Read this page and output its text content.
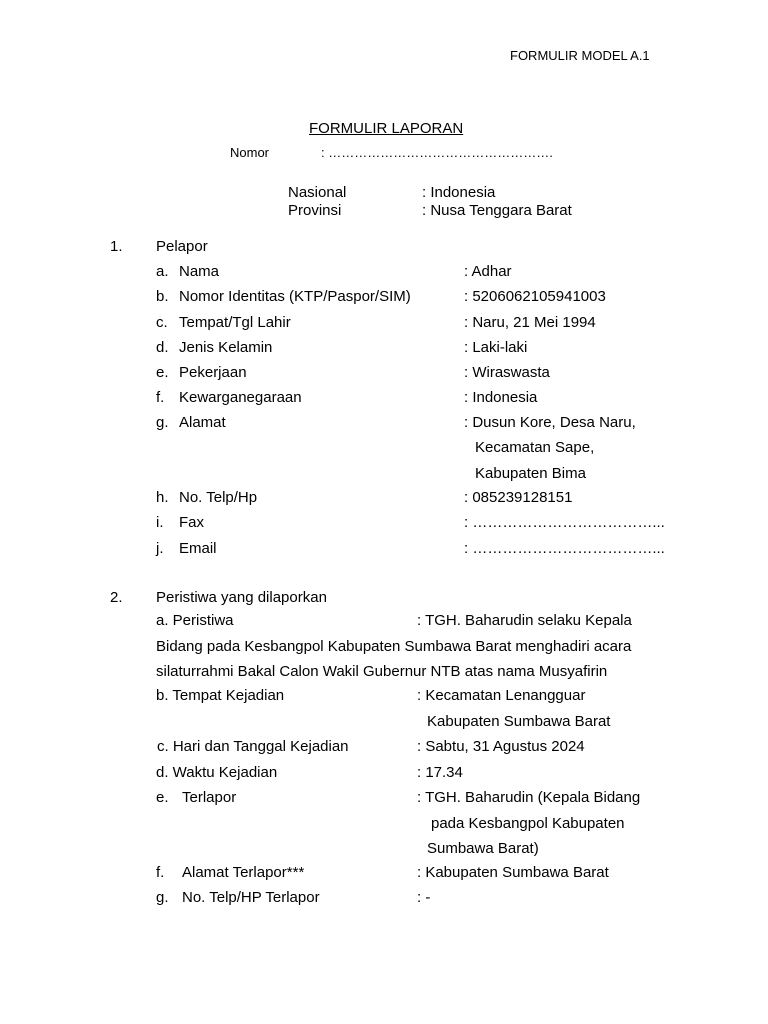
FORMULIR MODEL A.1
FORMULIR LAPORAN
Nomor	: …………………………………………….
Nasional	: Indonesia
Provinsi	: Nusa Tenggara Barat
1. Pelapor
a. Nama	: Adhar
b. Nomor Identitas (KTP/Paspor/SIM)	: 5206062105941003
c. Tempat/Tgl Lahir	: Naru, 21 Mei 1994
d. Jenis Kelamin	: Laki-laki
e. Pekerjaan	: Wiraswasta
f. Kewarganegaraan	: Indonesia
g. Alamat	: Dusun Kore, Desa Naru,
Kecamatan Sape,
Kabupaten Bima
h. No. Telp/Hp	: 085239128151
i. Fax	: ………………………………...
j. Email	: ………………………………...
2. Peristiwa yang dilaporkan
a. Peristiwa	: TGH. Baharudin selaku Kepala
Bidang pada Kesbangpol Kabupaten Sumbawa Barat menghadiri acara
silaturrahmi Bakal Calon Wakil Gubernur NTB atas nama Musyafirin
b. Tempat Kejadian	: Kecamatan Lenangguar
Kabupaten Sumbawa Barat
c. Hari dan Tanggal Kejadian	: Sabtu, 31 Agustus 2024
d. Waktu Kejadian	: 17.34
e. Terlapor	: TGH. Baharudin (Kepala Bidang
pada Kesbangpol Kabupaten
Sumbawa Barat)
f. Alamat Terlapor***	: Kabupaten Sumbawa Barat
g. No. Telp/HP Terlapor	: -
